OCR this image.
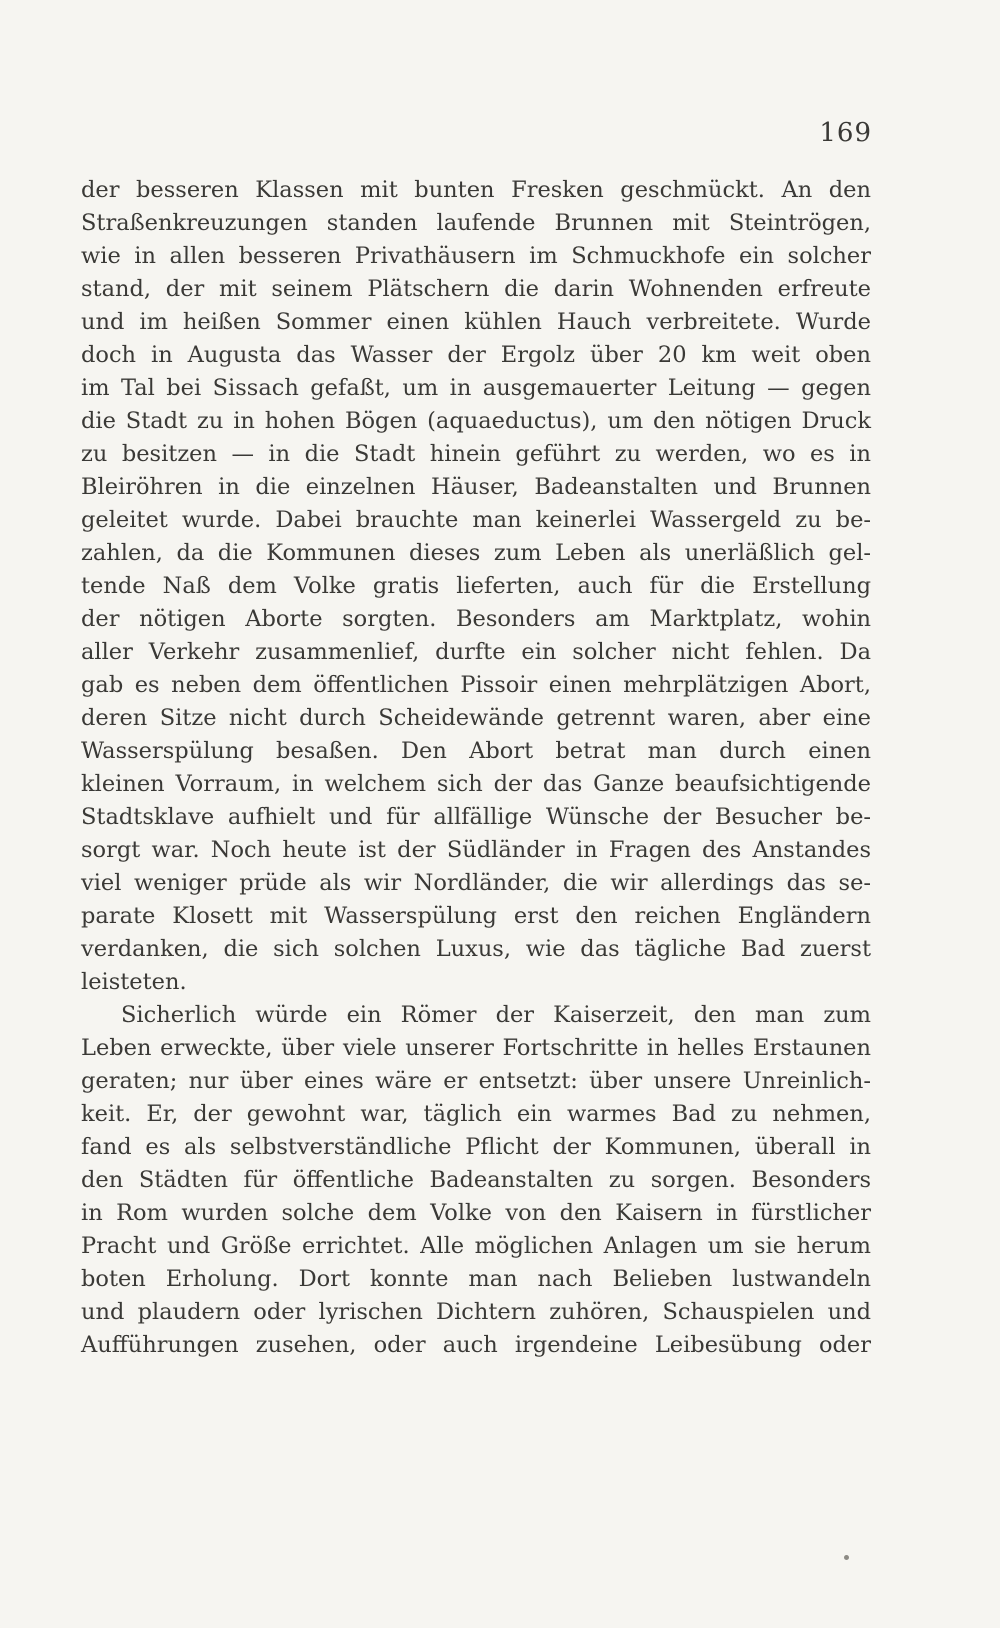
169
der besseren Klassen mit bunten Fresken geschmückt. An den
Straßenkreuzungen standen laufende Brunnen mit Steintrögen,
wie in allen besseren Privathäusern im Schmuckhofe ein solcher
stand, der mit seinem Plätschern die darin Wohnenden erfreute
und im heißen Sommer einen kühlen Hauch verbreitete. Wurde
doch in Augusta das Wasser der Ergolz über 20 km weit oben
im Tal bei Sissach gefaßt, um in ausgemauerter Leitung — gegen
die Stadt zu in hohen Bögen (aquaeductus), um den nötigen Druck
zu besitzen — in die Stadt hinein geführt zu werden, wo es in
Bleiröhren in die einzelnen Häuser, Badeanstalten und Brunnen
geleitet wurde. Dabei brauchte man keinerlei Wassergeld zu be-
zahlen, da die Kommunen dieses zum Leben als unerläßlich gel-
tende Naß dem Volke gratis lieferten, auch für die Erstellung
der nötigen Aborte sorgten. Besonders am Marktplatz, wohin
aller Verkehr zusammenlief, durfte ein solcher nicht fehlen. Da
gab es neben dem öffentlichen Pissoir einen mehrplätzigen Abort,
deren Sitze nicht durch Scheidewände getrennt waren, aber eine
Wasserspülung besaßen. Den Abort betrat man durch einen
kleinen Vorraum, in welchem sich der das Ganze beaufsichtigende
Stadtsklave aufhielt und für allfällige Wünsche der Besucher be-
sorgt war. Noch heute ist der Südländer in Fragen des Anstandes
viel weniger prüde als wir Nordländer, die wir allerdings das se-
parate Klosett mit Wasserspülung erst den reichen Engländern
verdanken, die sich solchen Luxus, wie das tägliche Bad zuerst
leisteten.
Sicherlich würde ein Römer der Kaiserzeit, den man zum
Leben erweckte, über viele unserer Fortschritte in helles Erstaunen
geraten; nur über eines wäre er entsetzt: über unsere Unreinlich-
keit. Er, der gewohnt war, täglich ein warmes Bad zu nehmen,
fand es als selbstverständliche Pflicht der Kommunen, überall in
den Städten für öffentliche Badeanstalten zu sorgen. Besonders
in Rom wurden solche dem Volke von den Kaisern in fürstlicher
Pracht und Größe errichtet. Alle möglichen Anlagen um sie herum
boten Erholung. Dort konnte man nach Belieben lustwandeln
und plaudern oder lyrischen Dichtern zuhören, Schauspielen und
Aufführungen zusehen, oder auch irgendeine Leibesübung oder
